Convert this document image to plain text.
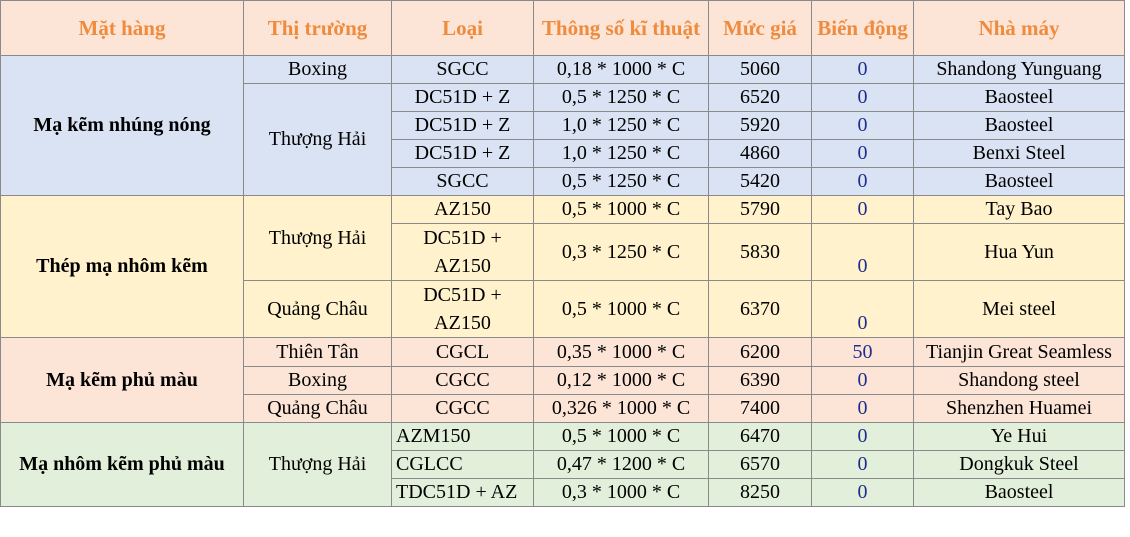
Mặt hàng	Thị trường	Loại	Thông số kĩ thuật	Mức giá	Biến động	Nhà máy
Mạ kẽm nhúng nóng	Boxing	SGCC	0,18 * 1000 * C	5060	0	Shandong Yunguang
	Thượng Hải	DC51D + Z	0,5 * 1250 * C	6520	0	Baosteel
		DC51D + Z	1,0 * 1250 * C	5920	0	Baosteel
		DC51D + Z	1,0 * 1250 * C	4860	0	Benxi Steel
		SGCC	0,5 * 1250 * C	5420	0	Baosteel
Thép mạ nhôm kẽm	Thượng Hải	AZ150	0,5 * 1000 * C	5790	0	Tay Bao
		DC51D + AZ150	0,3 * 1250 * C	5830	0	Hua Yun

	Quảng Châu	DC51D + AZ150	0,5 * 1000 * C	6370	0	Mei steel

Mạ kẽm phủ màu	Thiên Tân	CGCL	0,35 * 1000 * C	6200	50	Tianjin Great Seamless

	Boxing	CGCC	0,12 * 1000 * C	6390	0	Shandong steel
	Quảng Châu	CGCC	0,326 * 1000 * C	7400	0	Shenzhen Huamei
Mạ nhôm kẽm phủ màu	Thượng Hải	AZM150	0,5 * 1000 * C	6470	0	Ye Hui
		CGLCC	0,47 * 1200 * C	6570	0	Dongkuk Steel
		TDC51D + AZ	0,3 * 1000 * C	8250	0	Baosteel
